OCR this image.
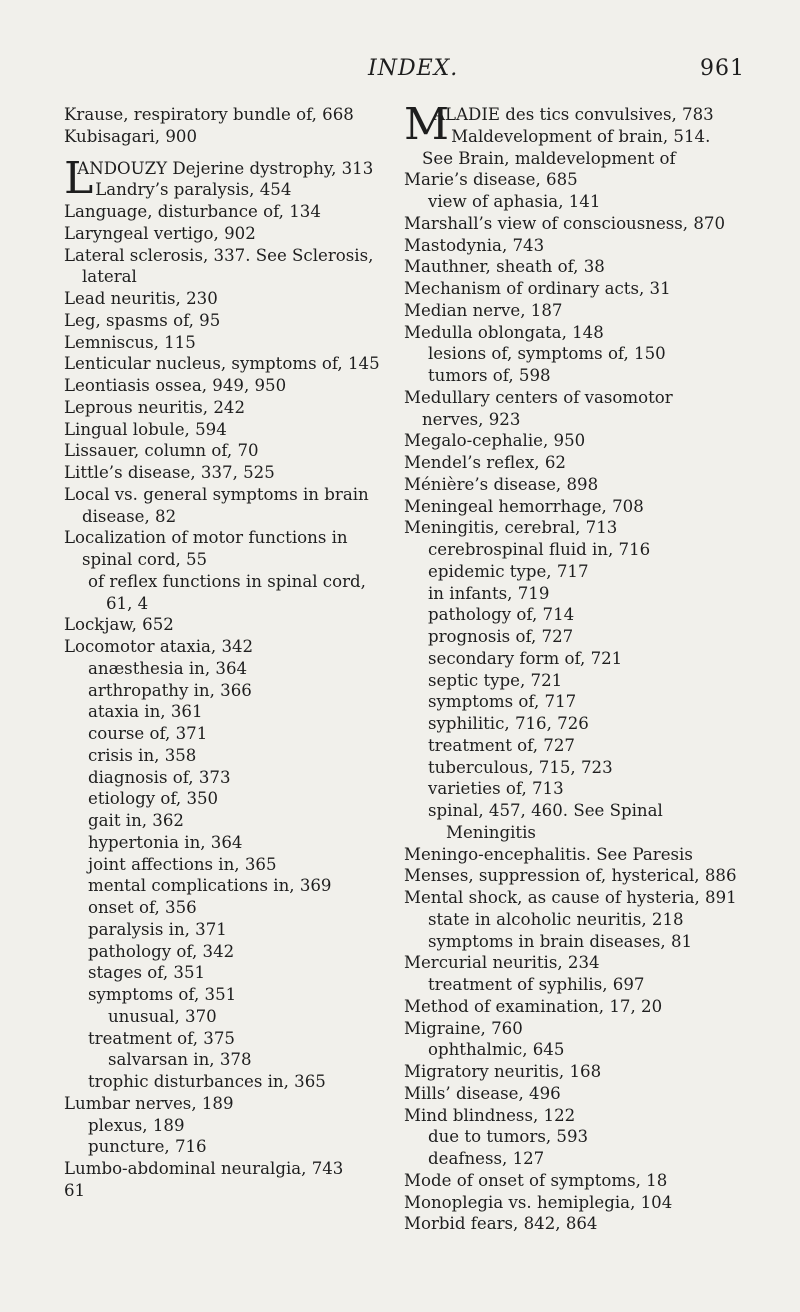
INDEX.	961
Krause, respiratory bundle of, 668
Kubisagari, 900
L
ANDOUZY Dejerine dystrophy, 313 Landry’s paralysis, 454
Language, disturbance of, 134
Laryngeal vertigo, 902
Lateral sclerosis, 337. See Sclerosis, lateral
Lead neuritis, 230
Leg, spasms of, 95
Lemniscus, 115
Lenticular nucleus, symptoms of, 145
Leontiasis ossea, 949, 950
Leprous neuritis, 242
Lingual lobule, 594
Lissauer, column of, 70
Little’s disease, 337, 525
Local vs. general symptoms in brain disease, 82
Localization of motor functions in spinal cord, 55
of reflex functions in spinal cord, 61, 4
Lockjaw, 652
Locomotor ataxia, 342
anæsthesia in, 364
arthropathy in, 366
ataxia in, 361
course of, 371
crisis in, 358
diagnosis of, 373
etiology of, 350
gait in, 362
hypertonia in, 364
joint affections in, 365
mental complications in, 369
onset of, 356
paralysis in, 371
pathology of, 342
stages of, 351
symptoms of, 351
unusual, 370
treatment of, 375
salvarsan in, 378
trophic disturbances in, 365
Lumbar nerves, 189
plexus, 189
puncture, 716
Lumbo-abdominal neuralgia, 743
61
M
ALADIE des tics convulsives, 783 Maldevelopment of brain, 514. See Brain, maldevelopment of
Marie’s disease, 685
view of aphasia, 141
Marshall’s view of consciousness, 870
Mastodynia, 743
Mauthner, sheath of, 38
Mechanism of ordinary acts, 31
Median nerve, 187
Medulla oblongata, 148
lesions of, symptoms of, 150
tumors of, 598
Medullary centers of vasomotor nerves, 923
Megalo-cephalie, 950
Mendel’s reflex, 62
Ménière’s disease, 898
Meningeal hemorrhage, 708
Meningitis, cerebral, 713
cerebrospinal fluid in, 716
epidemic type, 717
in infants, 719
pathology of, 714
prognosis of, 727
secondary form of, 721
septic type, 721
symptoms of, 717
syphilitic, 716, 726
treatment of, 727
tuberculous, 715, 723
varieties of, 713
spinal, 457, 460. See Spinal Meningitis
Meningo-encephalitis. See Paresis
Menses, suppression of, hysterical, 886
Mental shock, as cause of hysteria, 891
state in alcoholic neuritis, 218
symptoms in brain diseases, 81
Mercurial neuritis, 234
treatment of syphilis, 697
Method of examination, 17, 20
Migraine, 760
ophthalmic, 645
Migratory neuritis, 168
Mills’ disease, 496
Mind blindness, 122
due to tumors, 593
deafness, 127
Mode of onset of symptoms, 18
Monoplegia vs. hemiplegia, 104
Morbid fears, 842, 864
